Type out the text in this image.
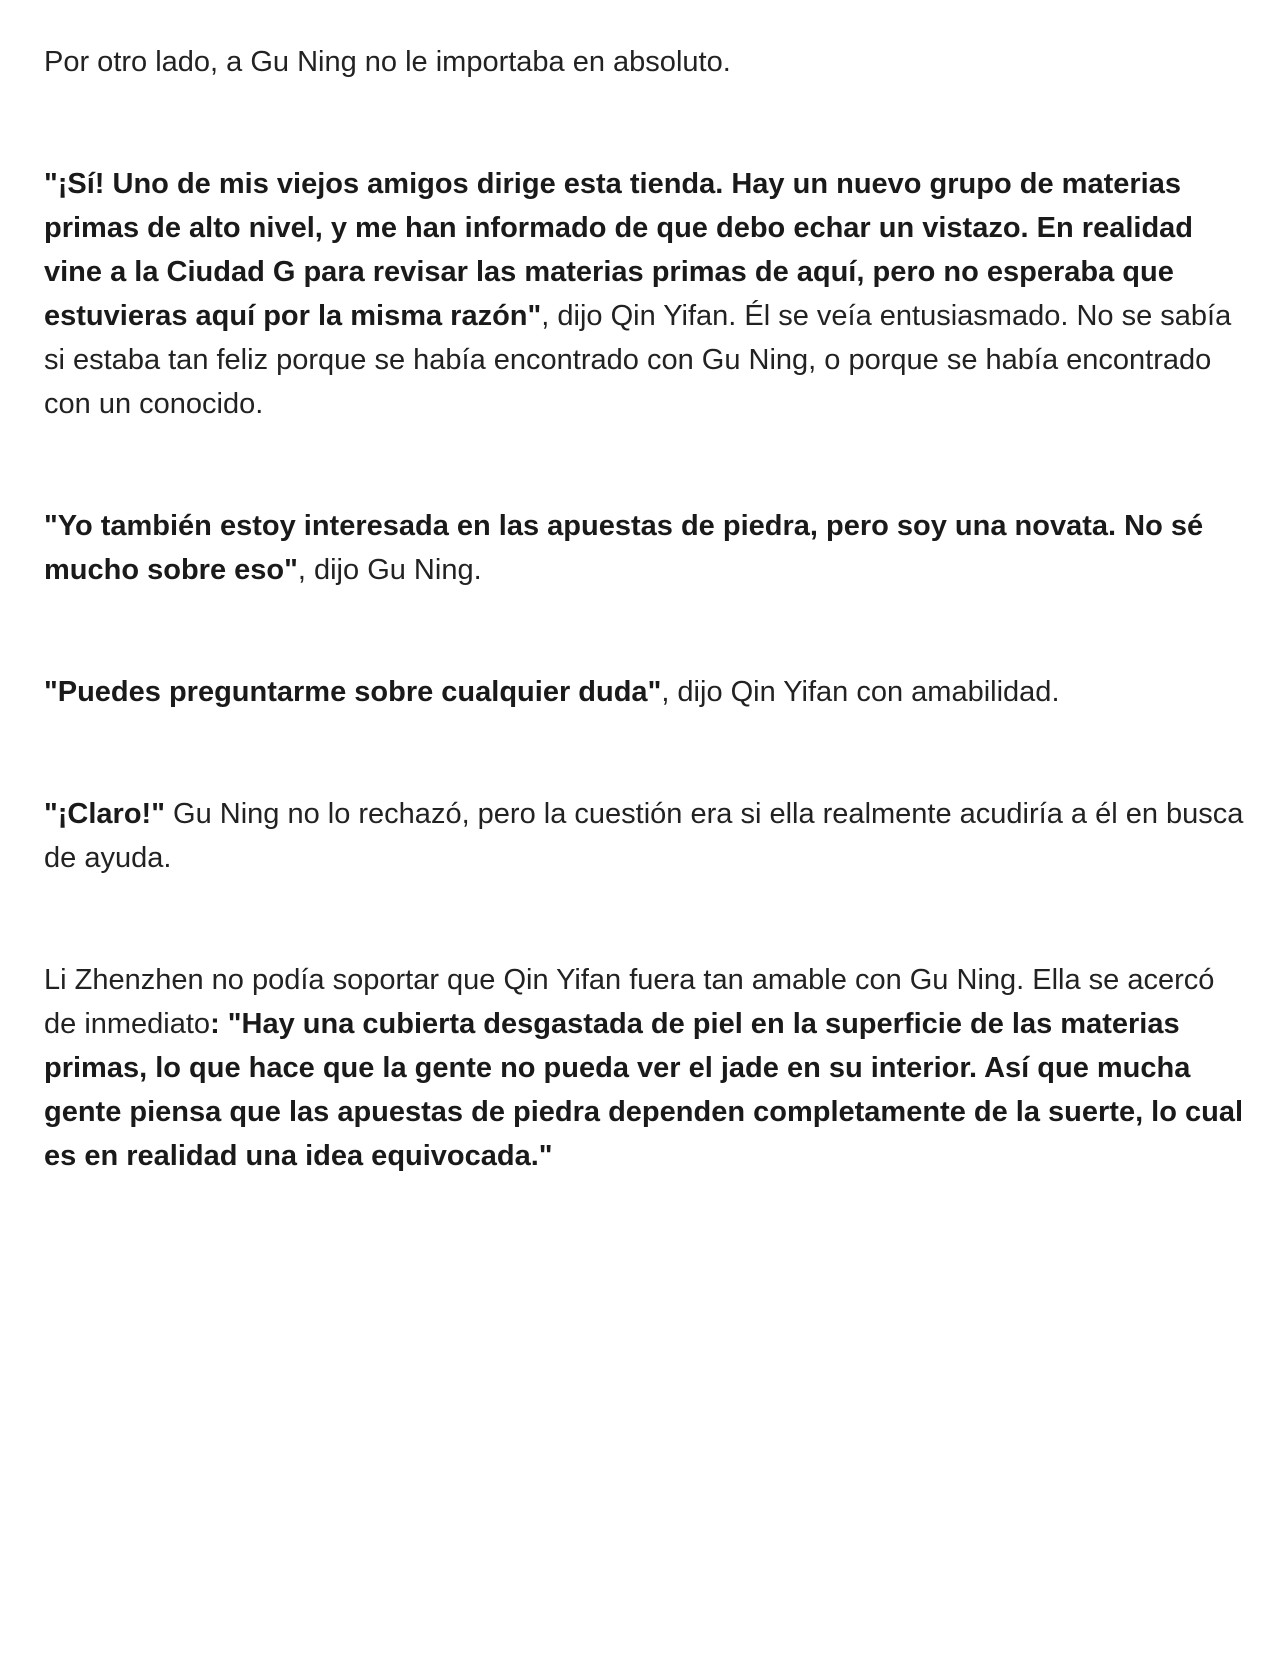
Por otro lado, a Gu Ning no le importaba en absoluto.

"¡Sí! Uno de mis viejos amigos dirige esta tienda. Hay un nuevo grupo de materias primas de alto nivel, y me han informado de que debo echar un vistazo. En realidad vine a la Ciudad G para revisar las materias primas de aquí, pero no esperaba que estuvieras aquí por la misma razón", dijo Qin Yifan. Él se veía entusiasmado. No se sabía si estaba tan feliz porque se había encontrado con Gu Ning, o porque se había encontrado con un conocido.

"Yo también estoy interesada en las apuestas de piedra, pero soy una novata. No sé mucho sobre eso", dijo Gu Ning.

"Puedes preguntarme sobre cualquier duda", dijo Qin Yifan con amabilidad.

"¡Claro!" Gu Ning no lo rechazó, pero la cuestión era si ella realmente acudiría a él en busca de ayuda.

Li Zhenzhen no podía soportar que Qin Yifan fuera tan amable con Gu Ning. Ella se acercó de inmediato: "Hay una cubierta desgastada de piel en la superficie de las materias primas, lo que hace que la gente no pueda ver el jade en su interior. Así que mucha gente piensa que las apuestas de piedra dependen completamente de la suerte, lo cual es en realidad una idea equivocada."
